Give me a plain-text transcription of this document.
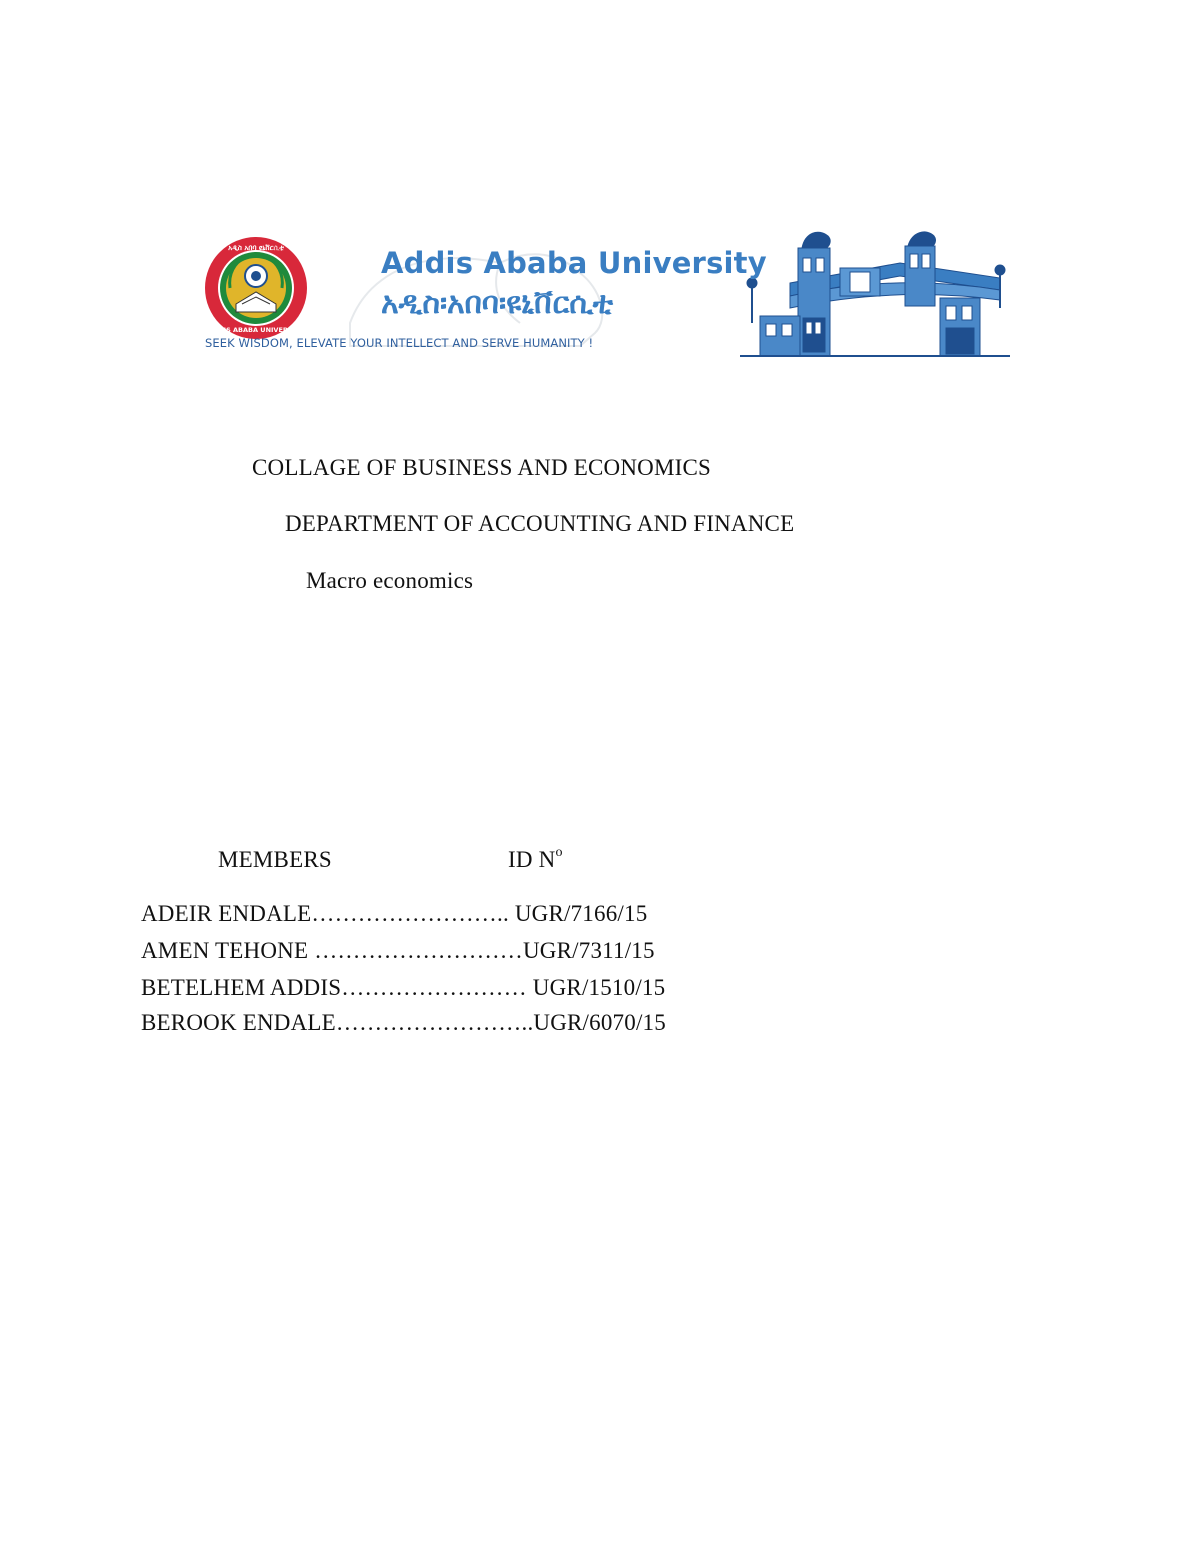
አዲስ አበባ ዩኒቨርሲቲ
ADDIS ABABA UNIVERSITY
Addis Ababa University
አዲስ፡አበባ፡ዩኒቨርሲቲ
SEEK WISDOM, ELEVATE YOUR INTELLECT AND SERVE HUMANITY !
COLLAGE OF BUSINESS AND ECONOMICS
DEPARTMENT OF ACCOUNTING AND FINANCE
Macro economics
MEMBERS	ID $N^o$
ADEIR ENDALE…………………….. UGR/7166/15
AMEN TEHONE ………………………UGR/7311/15
BETELHEM ADDIS…………………… UGR/1510/15
BEROOK ENDALE……………………..UGR/6070/15
